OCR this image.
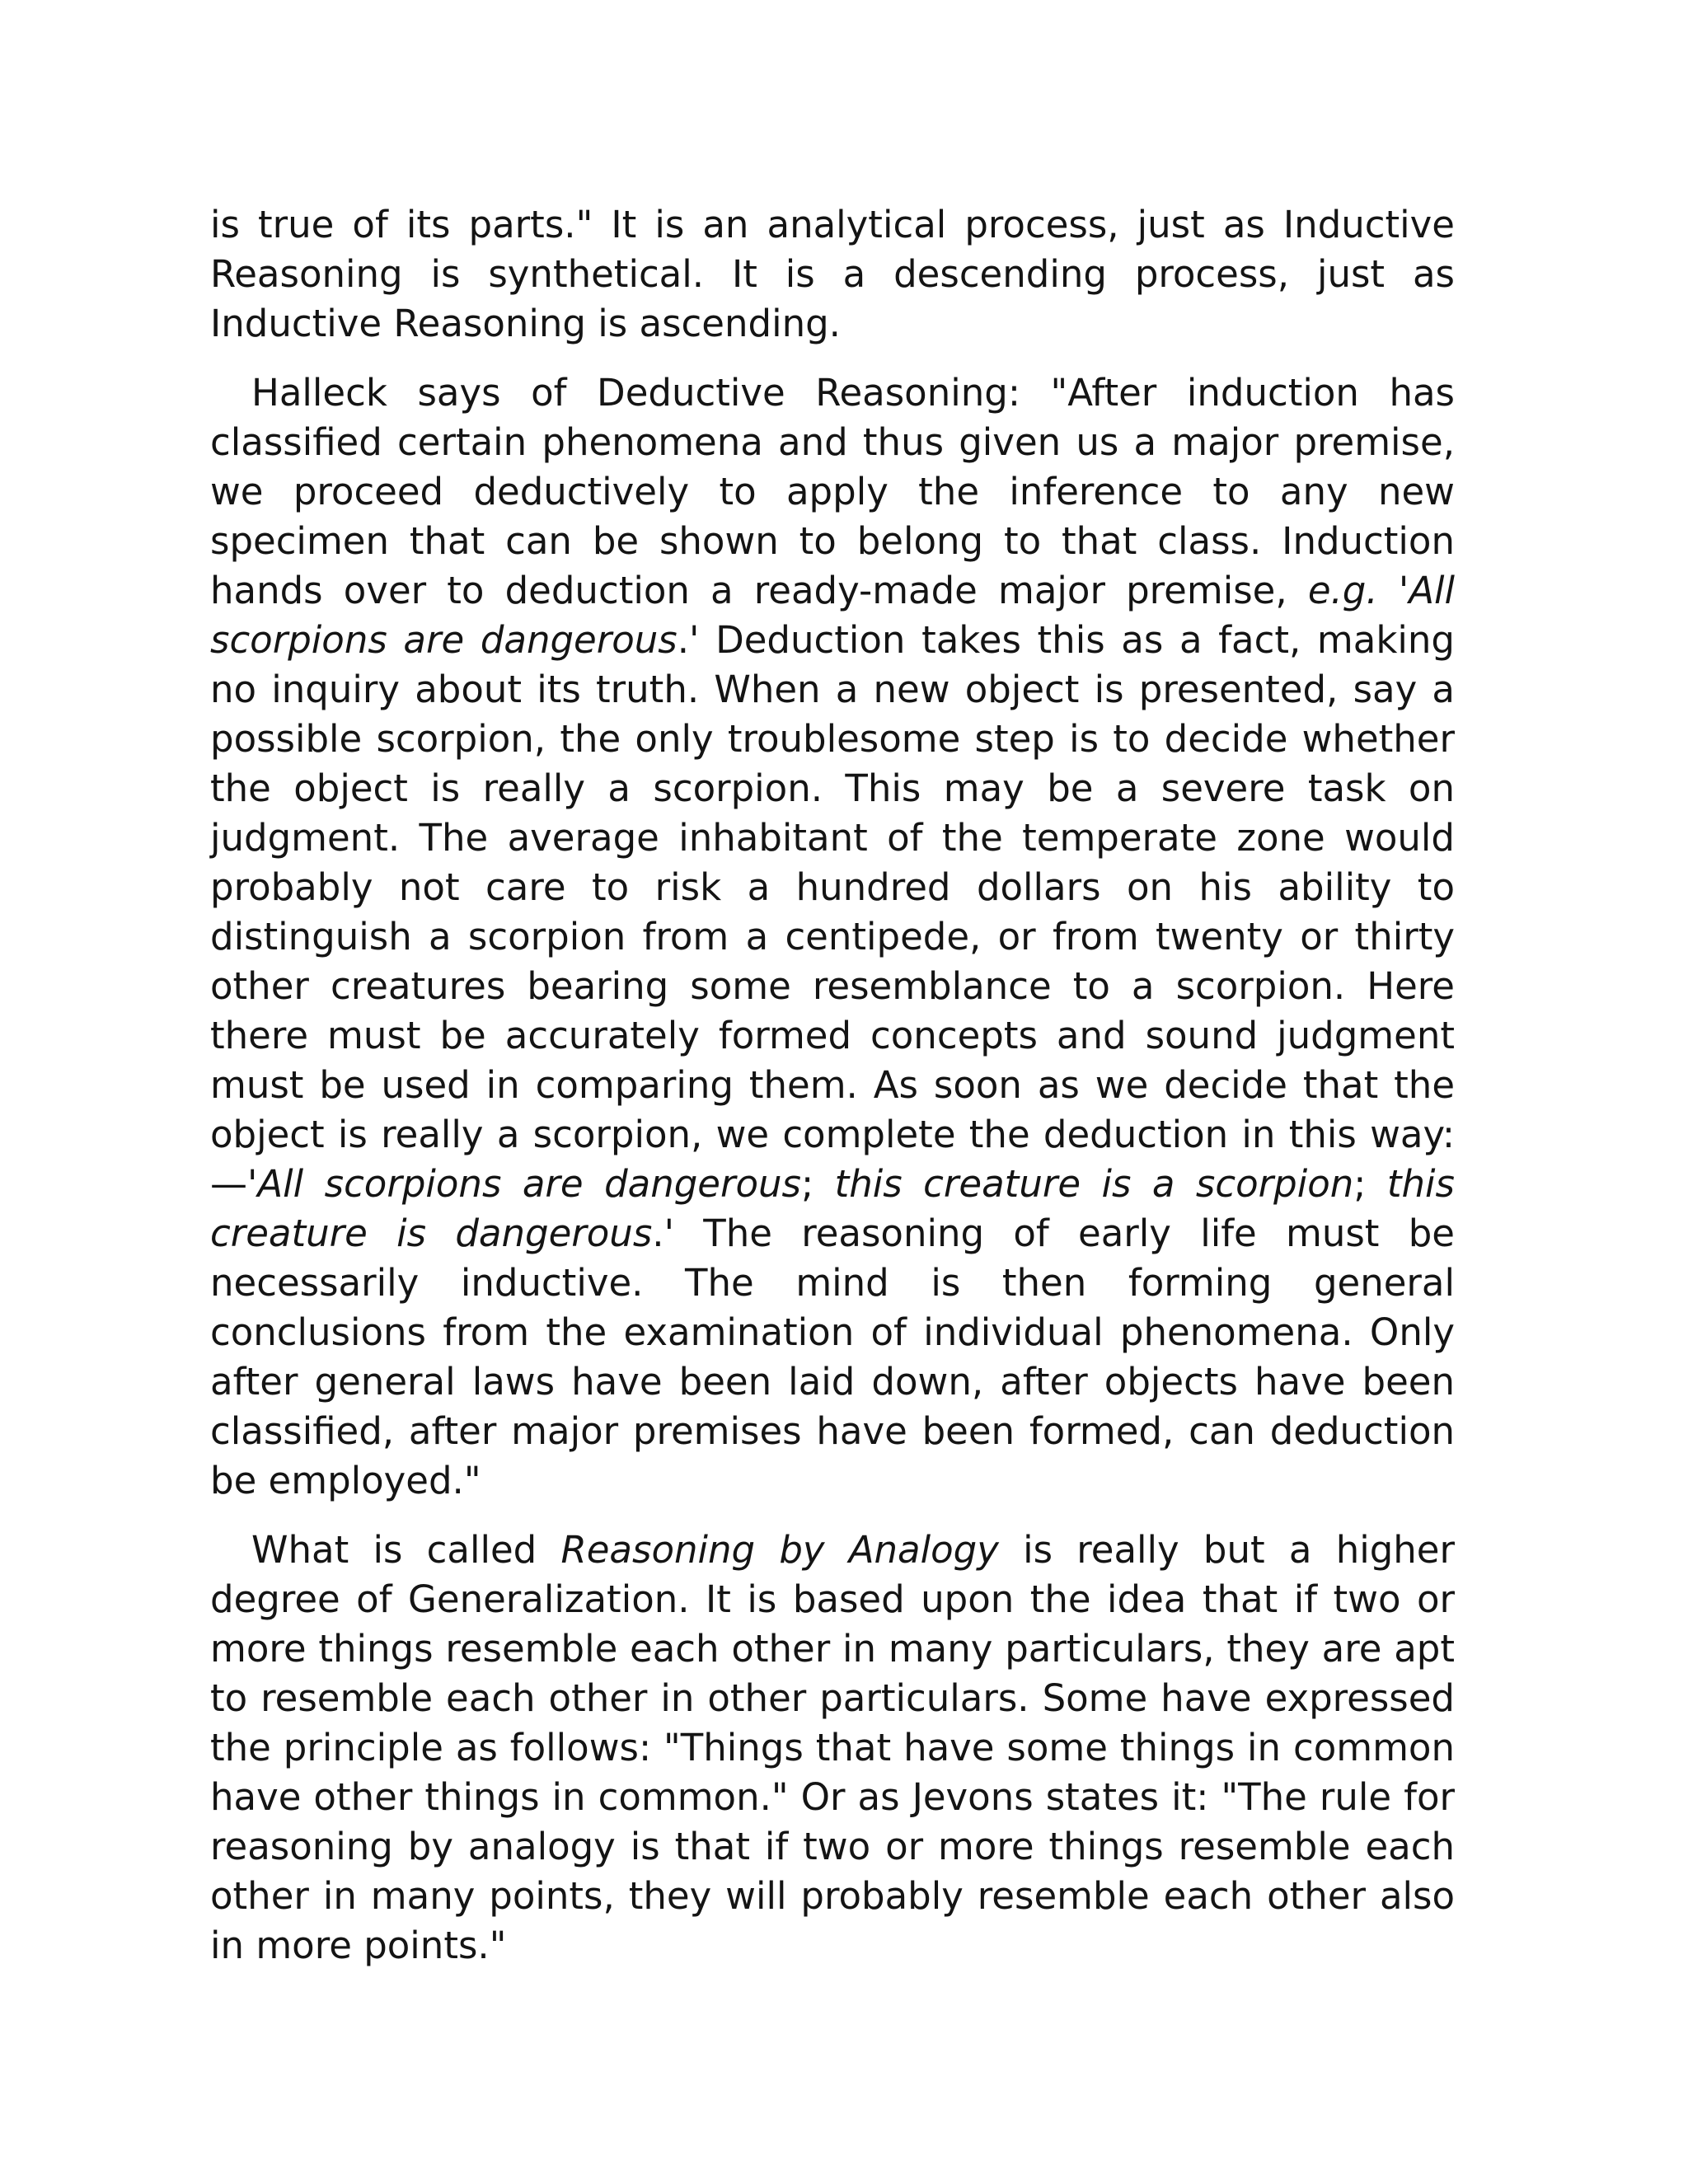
is true of its parts." It is an analytical process, just as Inductive Reasoning is synthetical. It is a descending process, just as Inductive Reasoning is ascending.

Halleck says of Deductive Reasoning: "After induction has classified certain phenomena and thus given us a major premise, we proceed deductively to apply the inference to any new specimen that can be shown to belong to that class. Induction hands over to deduction a ready-made major premise, e.g. 'All scorpions are dangerous.' Deduction takes this as a fact, making no inquiry about its truth. When a new object is presented, say a possible scorpion, the only troublesome step is to decide whether the object is really a scorpion. This may be a severe task on judgment. The average inhabitant of the temperate zone would probably not care to risk a hundred dollars on his ability to distinguish a scorpion from a centipede, or from twenty or thirty other creatures bearing some resemblance to a scorpion. Here there must be accurately formed concepts and sound judgment must be used in comparing them. As soon as we decide that the object is really a scorpion, we complete the deduction in this way:—'All scorpions are dangerous; this creature is a scorpion; this creature is dangerous.' The reasoning of early life must be necessarily inductive. The mind is then forming general conclusions from the examination of individual phenomena. Only after general laws have been laid down, after objects have been classified, after major premises have been formed, can deduction be employed."

What is called Reasoning by Analogy is really but a higher degree of Generalization. It is based upon the idea that if two or more things resemble each other in many particulars, they are apt to resemble each other in other particulars. Some have expressed the principle as follows: "Things that have some things in common have other things in common." Or as Jevons states it: "The rule for reasoning by analogy is that if two or more things resemble each other in many points, they will probably resemble each other also in more points."
